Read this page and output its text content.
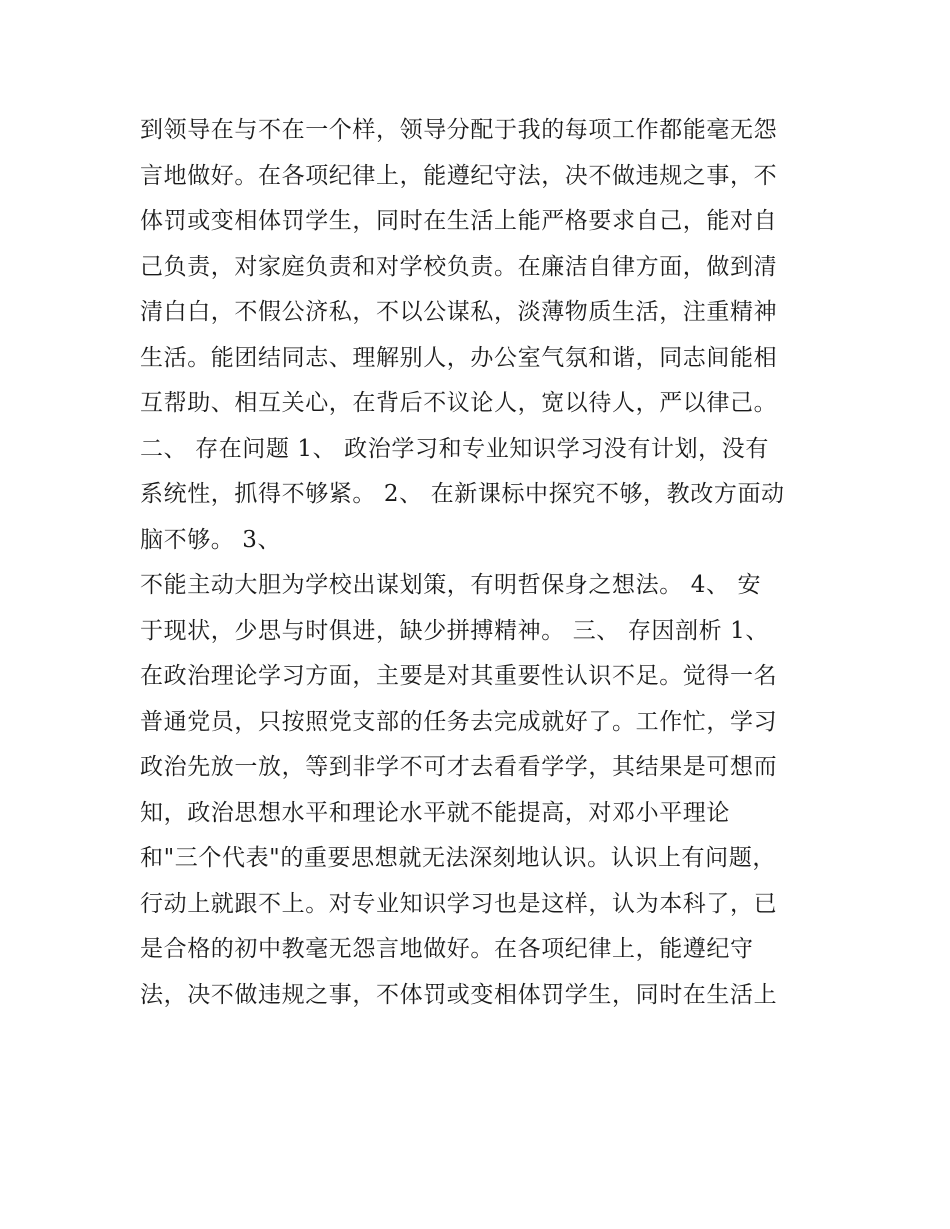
到领导在与不在一个样，领导分配于我的每项工作都能毫无怨
言地做好。在各项纪律上，能遵纪守法，决不做违规之事，不
体罚或变相体罚学生，同时在生活上能严格要求自己，能对自
己负责，对家庭负责和对学校负责。在廉洁自律方面，做到清
清白白，不假公济私，不以公谋私，淡薄物质生活，注重精神
生活。能团结同志、理解别人，办公室气氛和谐，同志间能相
互帮助、相互关心，在背后不议论人，宽以待人，严以律己。
二、 存在问题 1、 政治学习和专业知识学习没有计划，没有
系统性，抓得不够紧。 2、 在新课标中探究不够，教改方面动
脑不够。 3、
不能主动大胆为学校出谋划策，有明哲保身之想法。 4、 安
于现状，少思与时俱进，缺少拼搏精神。 三、 存因剖析 1、
在政治理论学习方面，主要是对其重要性认识不足。觉得一名
普通党员，只按照党支部的任务去完成就好了。工作忙，学习
政治先放一放，等到非学不可才去看看学学，其结果是可想而
知，政治思想水平和理论水平就不能提高，对邓小平理论
和"三个代表"的重要思想就无法深刻地认识。认识上有问题，
行动上就跟不上。对专业知识学习也是这样，认为本科了，已
是合格的初中教毫无怨言地做好。在各项纪律上，能遵纪守
法，决不做违规之事，不体罚或变相体罚学生，同时在生活上
